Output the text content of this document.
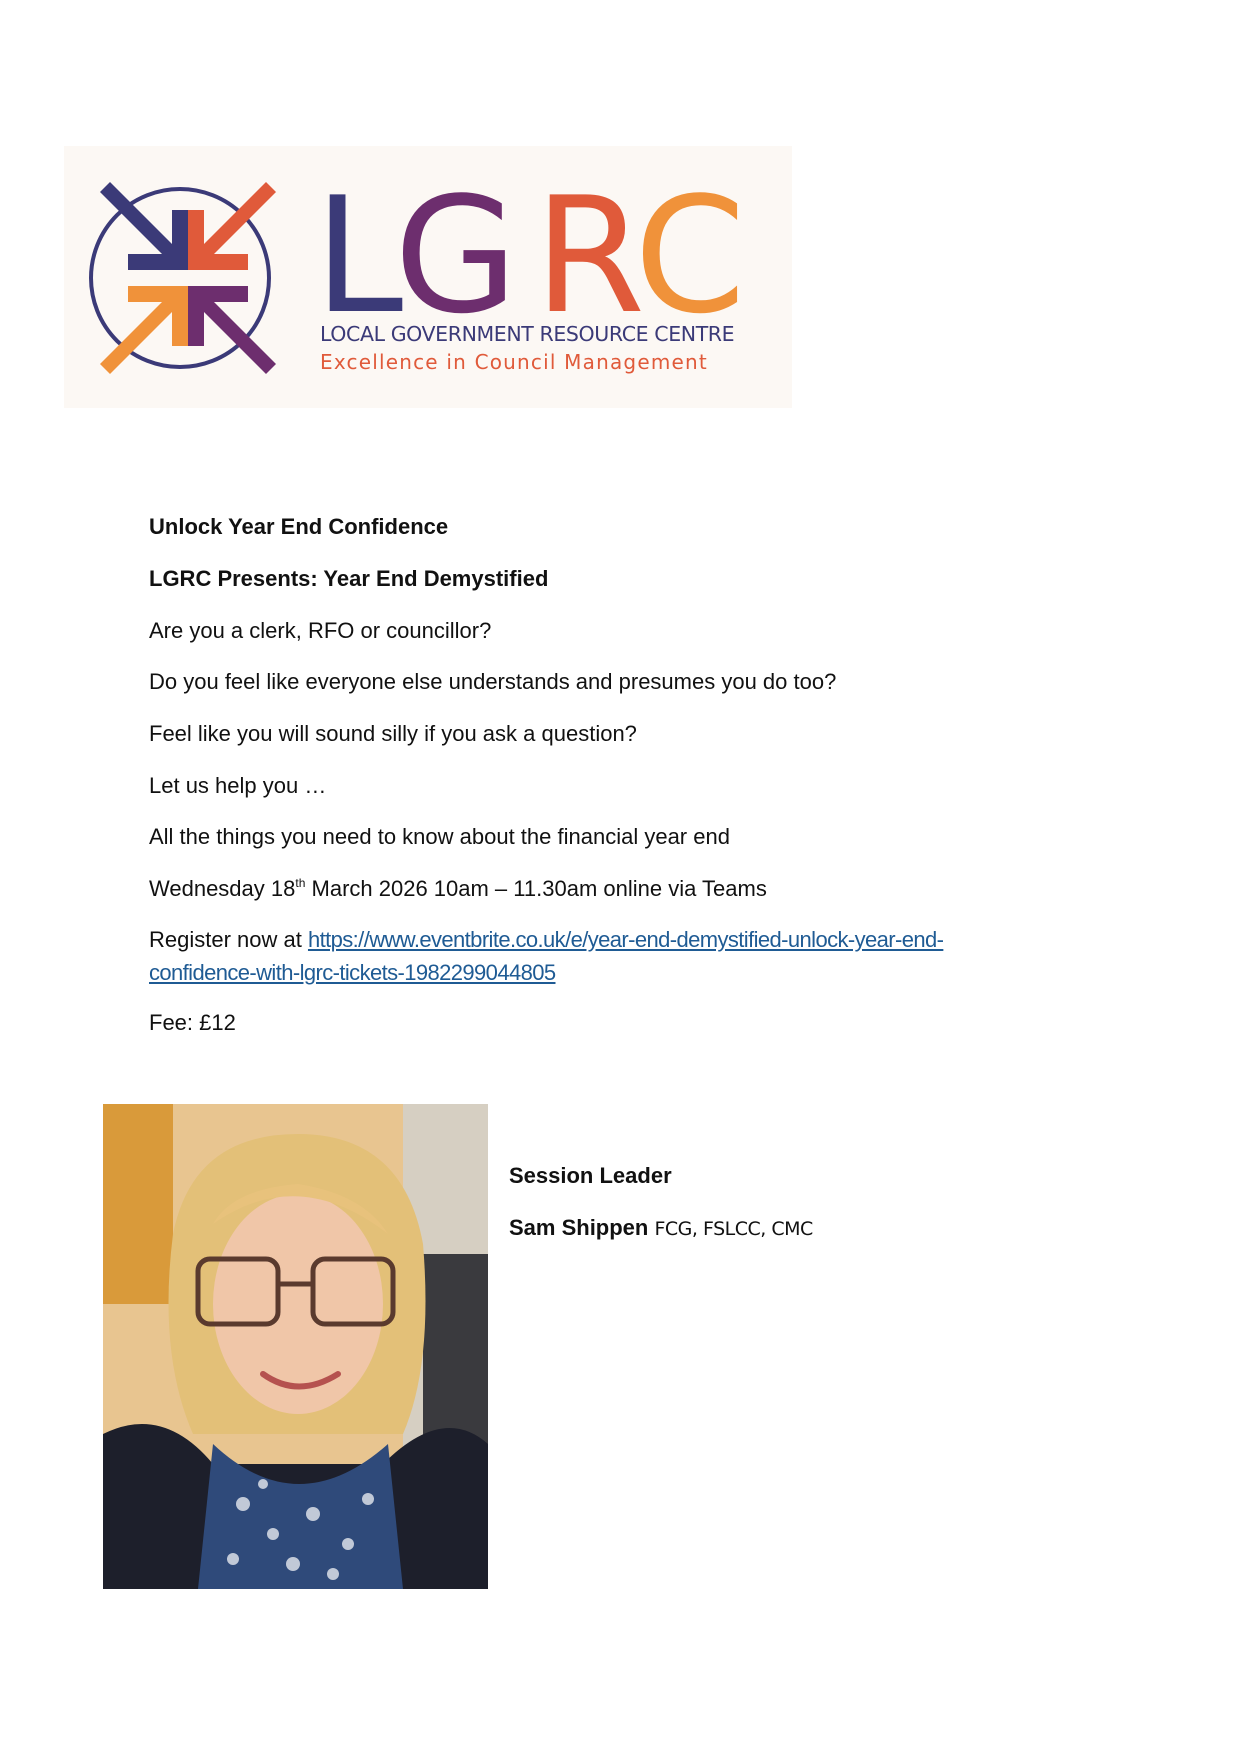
L
G R
C
LOCAL GOVERNMENT RESOURCE CENTRE
Excellence in Council Management
Unlock Year End Confidence
LGRC Presents: Year End Demystified
Are you a clerk, RFO or councillor?
Do you feel like everyone else understands and presumes you do too?
Feel like you will sound silly if you ask a question?
Let us help you …
All the things you need to know about the financial year end
Wednesday 18th March 2026 10am – 11.30am online via Teams
Register now at https://www.eventbrite.co.uk/e/year-end-demystified-unlock-year-end-confidence-with-lgrc-tickets-1982299044805
Fee: £12
Session Leader
Sam Shippen FCG, FSLCC, CMC
